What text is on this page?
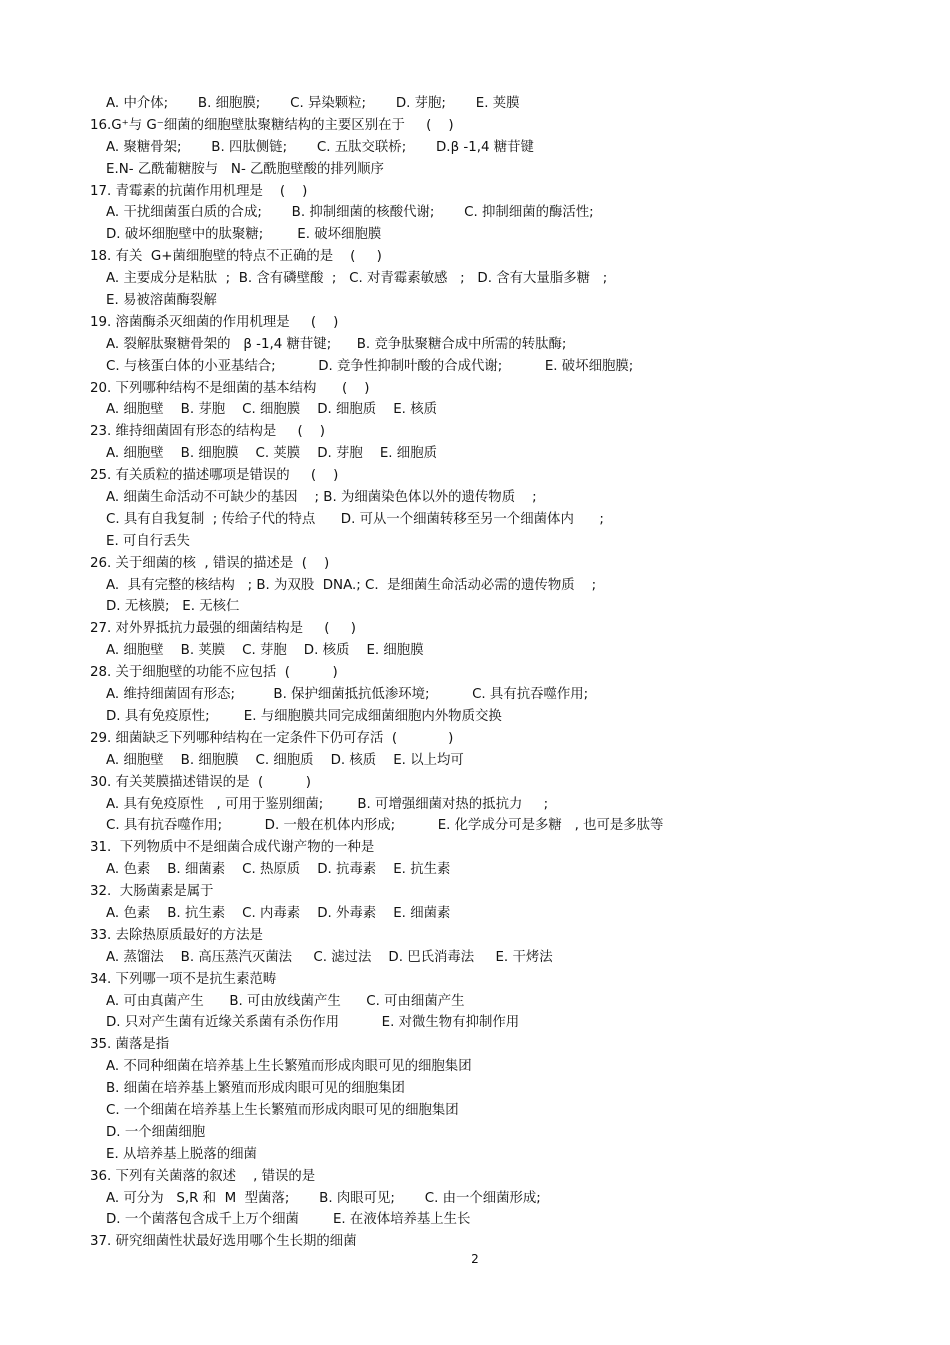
A. 中介体;       B. 细胞膜;       C. 异染颗粒;       D. 芽胞;       E. 荚膜
16.G⁺与 G⁻细菌的细胞壁肽聚糖结构的主要区别在于     (    )
A. 聚糖骨架;       B. 四肽侧链;       C. 五肽交联桥;       D.β -1,4 糖苷键
E.N- 乙酰葡糖胺与   N- 乙酰胞壁酸的排列顺序
17. 青霉素的抗菌作用机理是    (    )
A. 干扰细菌蛋白质的合成;       B. 抑制细菌的核酸代谢;       C. 抑制细菌的酶活性;
D. 破坏细胞壁中的肽聚糖;        E. 破坏细胞膜
18. 有关  G+菌细胞壁的特点不正确的是    (     )
A. 主要成分是粘肽  ;  B. 含有磷壁酸  ;   C. 对青霉素敏感   ;   D. 含有大量脂多糖   ;
E. 易被溶菌酶裂解
19. 溶菌酶杀灭细菌的作用机理是     (    )
A. 裂解肽聚糖骨架的   β -1,4 糖苷键;      B. 竞争肽聚糖合成中所需的转肽酶;
C. 与核蛋白体的小亚基结合;          D. 竞争性抑制叶酸的合成代谢;          E. 破坏细胞膜;
20. 下列哪种结构不是细菌的基本结构      (    )
A. 细胞壁    B. 芽胞    C. 细胞膜    D. 细胞质    E. 核质
23. 维持细菌固有形态的结构是     (    )
A. 细胞壁    B. 细胞膜    C. 荚膜    D. 芽胞    E. 细胞质
25. 有关质粒的描述哪项是错误的     (    )
A. 细菌生命活动不可缺少的基因    ; B. 为细菌染色体以外的遗传物质    ;
C. 具有自我复制  ; 传给子代的特点      D. 可从一个细菌转移至另一个细菌体内      ;
E. 可自行丢失
26. 关于细菌的核  , 错误的描述是  (    )
A.  具有完整的核结构   ; B. 为双股  DNA.; C.  是细菌生命活动必需的遗传物质    ;
D. 无核膜;   E. 无核仁
27. 对外界抵抗力最强的细菌结构是     (     )
A. 细胞壁    B. 荚膜    C. 芽胞    D. 核质    E. 细胞膜
28. 关于细胞壁的功能不应包括  (          )
A. 维持细菌固有形态;         B. 保护细菌抵抗低渗环境;          C. 具有抗吞噬作用;
D. 具有免疫原性;        E. 与细胞膜共同完成细菌细胞内外物质交换
29. 细菌缺乏下列哪种结构在一定条件下仍可存活  (            )
A. 细胞壁    B. 细胞膜    C. 细胞质    D. 核质    E. 以上均可
30. 有关荚膜描述错误的是  (          )
A. 具有免疫原性   , 可用于鉴别细菌;        B. 可增强细菌对热的抵抗力     ;
C. 具有抗吞噬作用;          D. 一般在机体内形成;          E. 化学成分可是多糖   , 也可是多肽等
31.  下列物质中不是细菌合成代谢产物的一种是
A. 色素    B. 细菌素    C. 热原质    D. 抗毒素    E. 抗生素
32.  大肠菌素是属于
A. 色素    B. 抗生素    C. 内毒素    D. 外毒素    E. 细菌素
33. 去除热原质最好的方法是
A. 蒸馏法    B. 高压蒸汽灭菌法     C. 滤过法    D. 巴氏消毒法     E. 干烤法
34. 下列哪一项不是抗生素范畴
A. 可由真菌产生      B. 可由放线菌产生      C. 可由细菌产生
D. 只对产生菌有近缘关系菌有杀伤作用          E. 对微生物有抑制作用
35. 菌落是指
A. 不同种细菌在培养基上生长繁殖而形成肉眼可见的细胞集团
B. 细菌在培养基上繁殖而形成肉眼可见的细胞集团
C. 一个细菌在培养基上生长繁殖而形成肉眼可见的细胞集团
D. 一个细菌细胞
E. 从培养基上脱落的细菌
36. 下列有关菌落的叙述    , 错误的是
A. 可分为   S,R 和  M  型菌落;       B. 肉眼可见;       C. 由一个细菌形成;
D. 一个菌落包含成千上万个细菌        E. 在液体培养基上生长
37. 研究细菌性状最好选用哪个生长期的细菌
2
